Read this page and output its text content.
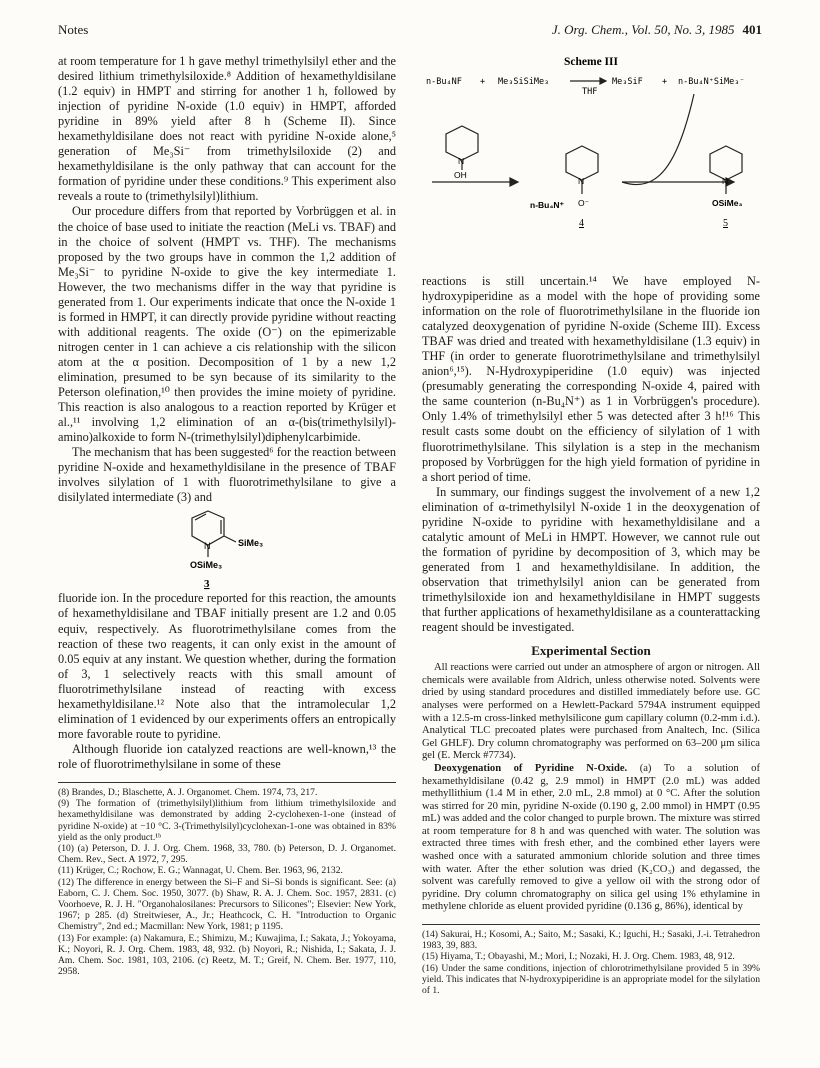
Notes	J. Org. Chem., Vol. 50, No. 3, 1985 401

at room temperature for 1 h gave methyl trimethylsilyl ether and the desired lithium trimethylsiloxide.⁸ Addition of hexamethyldisilane (1.2 equiv) in HMPT and stirring for another 1 h, followed by injection of pyridine N-oxide (1.0 equiv) in HMPT, afforded pyridine in 89% yield after 8 h (Scheme II). Since hexamethyldisilane does not react with pyridine N-oxide alone,⁵ generation of Me₃Si⁻ from trimethylsiloxide (2) and hexamethyldisilane is the only pathway that can account for the formation of pyridine under these conditions.⁹ This experiment also reveals a route to (trimethylsilyl)lithium.

Our procedure differs from that reported by Vorbrüggen et al. in the choice of base used to initiate the reaction (MeLi vs. TBAF) and in the choice of solvent (HMPT vs. THF). The mechanisms proposed by the two groups have in common the 1,2 addition of Me₃Si⁻ to pyridine N-oxide to give the key intermediate 1. However, the two mechanisms differ in the way that pyridine is generated from 1. Our experiments indicate that once the N-oxide 1 is formed in HMPT, it can directly provide pyridine without reacting with additional reagents. The oxide (O⁻) on the epimerizable nitrogen center in 1 can achieve a cis relationship with the silicon atom at the α position. Decomposition of 1 by a new 1,2 elimination, presumed to be syn because of its similarity to the Peterson olefination,¹⁰ then provides the imine moiety of pyridine. This reaction is also analogous to a reaction reported by Krüger et al.,¹¹ involving 1,2 elimination of an α-(bis(trimethylsilyl)-amino)alkoxide to form N-(trimethylsilyl)diphenylcarbimide.

The mechanism that has been suggested⁶ for the reaction between pyridine N-oxide and hexamethyldisilane in the presence of TBAF involves silylation of 1 with fluorotrimethylsilane to give a disilylated intermediate (3) and

N	SiMe₃
OSiMe₃
3

fluoride ion. In the procedure reported for this reaction, the amounts of hexamethyldisilane and TBAF initially present are 1.2 and 0.05 equiv, respectively. As fluorotrimethylsilane comes from the reaction of these two reagents, it can only exist in the amount of 0.05 equiv at any instant. We question whether, during the formation of 3, 1 selectively reacts with this small amount of fluorotrimethylsilane instead of reacting with excess hexamethyldisilane.¹² Note also that the intramolecular 1,2 elimination of 1 evidenced by our experiments offers an entropically more favorable route to pyridine.

Although fluoride ion catalyzed reactions are well-known,¹³ the role of fluorotrimethylsilane in some of these

(8) Brandes, D.; Blaschette, A. J. Organomet. Chem. 1974, 73, 217.
(9) The formation of (trimethylsilyl)lithium from lithium trimethylsiloxide and hexamethyldisilane was demonstrated by adding 2-cyclohexen-1-one (instead of pyridine N-oxide) at −10 °C. 3-(Trimethylsilyl)cyclohexan-1-one was obtained in 83% yield as the only product.¹ᵇ
(10) (a) Peterson, D. J. J. Org. Chem. 1968, 33, 780. (b) Peterson, D. J. Organomet. Chem. Rev., Sect. A 1972, 7, 295.
(11) Krüger, C.; Rochow, E. G.; Wannagat, U. Chem. Ber. 1963, 96, 2132.
(12) The difference in energy between the Si–F and Si–Si bonds is significant. See: (a) Eaborn, C. J. Chem. Soc. 1950, 3077. (b) Shaw, R. A. J. Chem. Soc. 1957, 2831. (c) Voorhoeve, R. J. H. "Organohalosilanes: Precursors to Silicones"; Elsevier: New York, 1967; p 285. (d) Streitwieser, A., Jr.; Heathcock, C. H. "Introduction to Organic Chemistry", 2nd ed.; Macmillan: New York, 1981; p 1195.
(13) For example: (a) Nakamura, E.; Shimizu, M.; Kuwajima, I.; Sakata, J.; Yokoyama, K.; Noyori, R. J. Org. Chem. 1983, 48, 932. (b) Noyori, R.; Nishida, I.; Sakata, J. J. Am. Chem. Soc. 1981, 103, 2106. (c) Reetz, M. T.; Greif, N. Chem. Ber. 1977, 110, 2958.
Scheme III
n-Bu₄NF + Me₃SiSiMe₃
THF
Me₃SiF + n-Bu₄N⁺SiMe₃⁻
N
OH
N
n-Bu₄N⁺ O⁻
N
OSiMe₃
4	5

reactions is still uncertain.¹⁴ We have employed N-hydroxypiperidine as a model with the hope of providing some information on the role of fluorotrimethylsilane in the fluoride ion catalyzed deoxygenation of pyridine N-oxide (Scheme III). Excess TBAF was dried and treated with hexamethyldisilane (1.3 equiv) in THF (in order to generate fluorotrimethylsilane and trimethylsilyl anion⁶,¹⁵). N-Hydroxypiperidine (1.0 equiv) was injected (presumably generating the corresponding N-oxide 4, paired with the same counterion (n-Bu₄N⁺) as 1 in Vorbrüggen's procedure). Only 1.4% of trimethylsilyl ether 5 was detected after 3 h!¹⁶ This result casts some doubt on the efficiency of silylation of 1 with fluorotrimethylsilane. This silylation is a step in the mechanism proposed by Vorbrüggen for the high yield formation of pyridine in a short period of time.

In summary, our findings suggest the involvement of a new 1,2 elimination of α-trimethylsilyl N-oxide 1 in the deoxygenation of pyridine N-oxide to pyridine with hexamethyldisilane and a catalytic amount of MeLi in HMPT. However, we cannot rule out the formation of pyridine by decomposition of 3, which may be generated from 1 and hexamethyldisilane. In addition, the observation that trimethylsilyl anion can be generated from trimethylsiloxide ion and hexamethyldisilane in HMPT suggests that further applications of hexamethyldisilane as a counterattacking reagent should be investigated.

Experimental Section

All reactions were carried out under an atmosphere of argon or nitrogen. All chemicals were available from Aldrich, unless otherwise noted. Solvents were dried by using standard procedures and distilled immediately before use. GC analyses were performed on a Hewlett-Packard 5794A instrument equipped with a 12.5-m cross-linked methylsilicone gum capillary column (0.2-mm i.d.). Analytical TLC precoated plates were purchased from Analtech, Inc. (Silica Gel GHLF). Dry column chromatography was performed on 63–200 μm silica gel (E. Merck #7734).

Deoxygenation of Pyridine N-Oxide. (a) To a solution of hexamethyldisilane (0.42 g, 2.9 mmol) in HMPT (2.0 mL) was added methyllithium (1.4 M in ether, 2.0 mL, 2.8 mmol) at 0 °C. After the solution was stirred for 20 min, pyridine N-oxide (0.190 g, 2.00 mmol) in HMPT (0.95 mL) was added and the color changed to purple brown. The mixture was stirred at room temperature for 8 h and was quenched with water. The solution was extracted three times with fresh ether, and the combined ether layers were washed once with a saturated ammonium chloride solution and three times with water. After the ether solution was dried (K₂CO₃) and degassed, the solvent was carefully removed to give a yellow oil with the strong odor of pyridine. Dry column chromatography on silica gel using 1% ethylamine in methylene chloride as eluent provided pyridine (0.136 g, 86%), identical by

(14) Sakurai, H.; Kosomi, A.; Saito, M.; Sasaki, K.; Iguchi, H.; Sasaki, J.-i. Tetrahedron 1983, 39, 883.
(15) Hiyama, T.; Obayashi, M.; Mori, I.; Nozaki, H. J. Org. Chem. 1983, 48, 912.
(16) Under the same conditions, injection of chlorotrimethylsilane provided 5 in 39% yield. This indicates that N-hydroxypiperidine is an appropriate model for the silylation of 1.
